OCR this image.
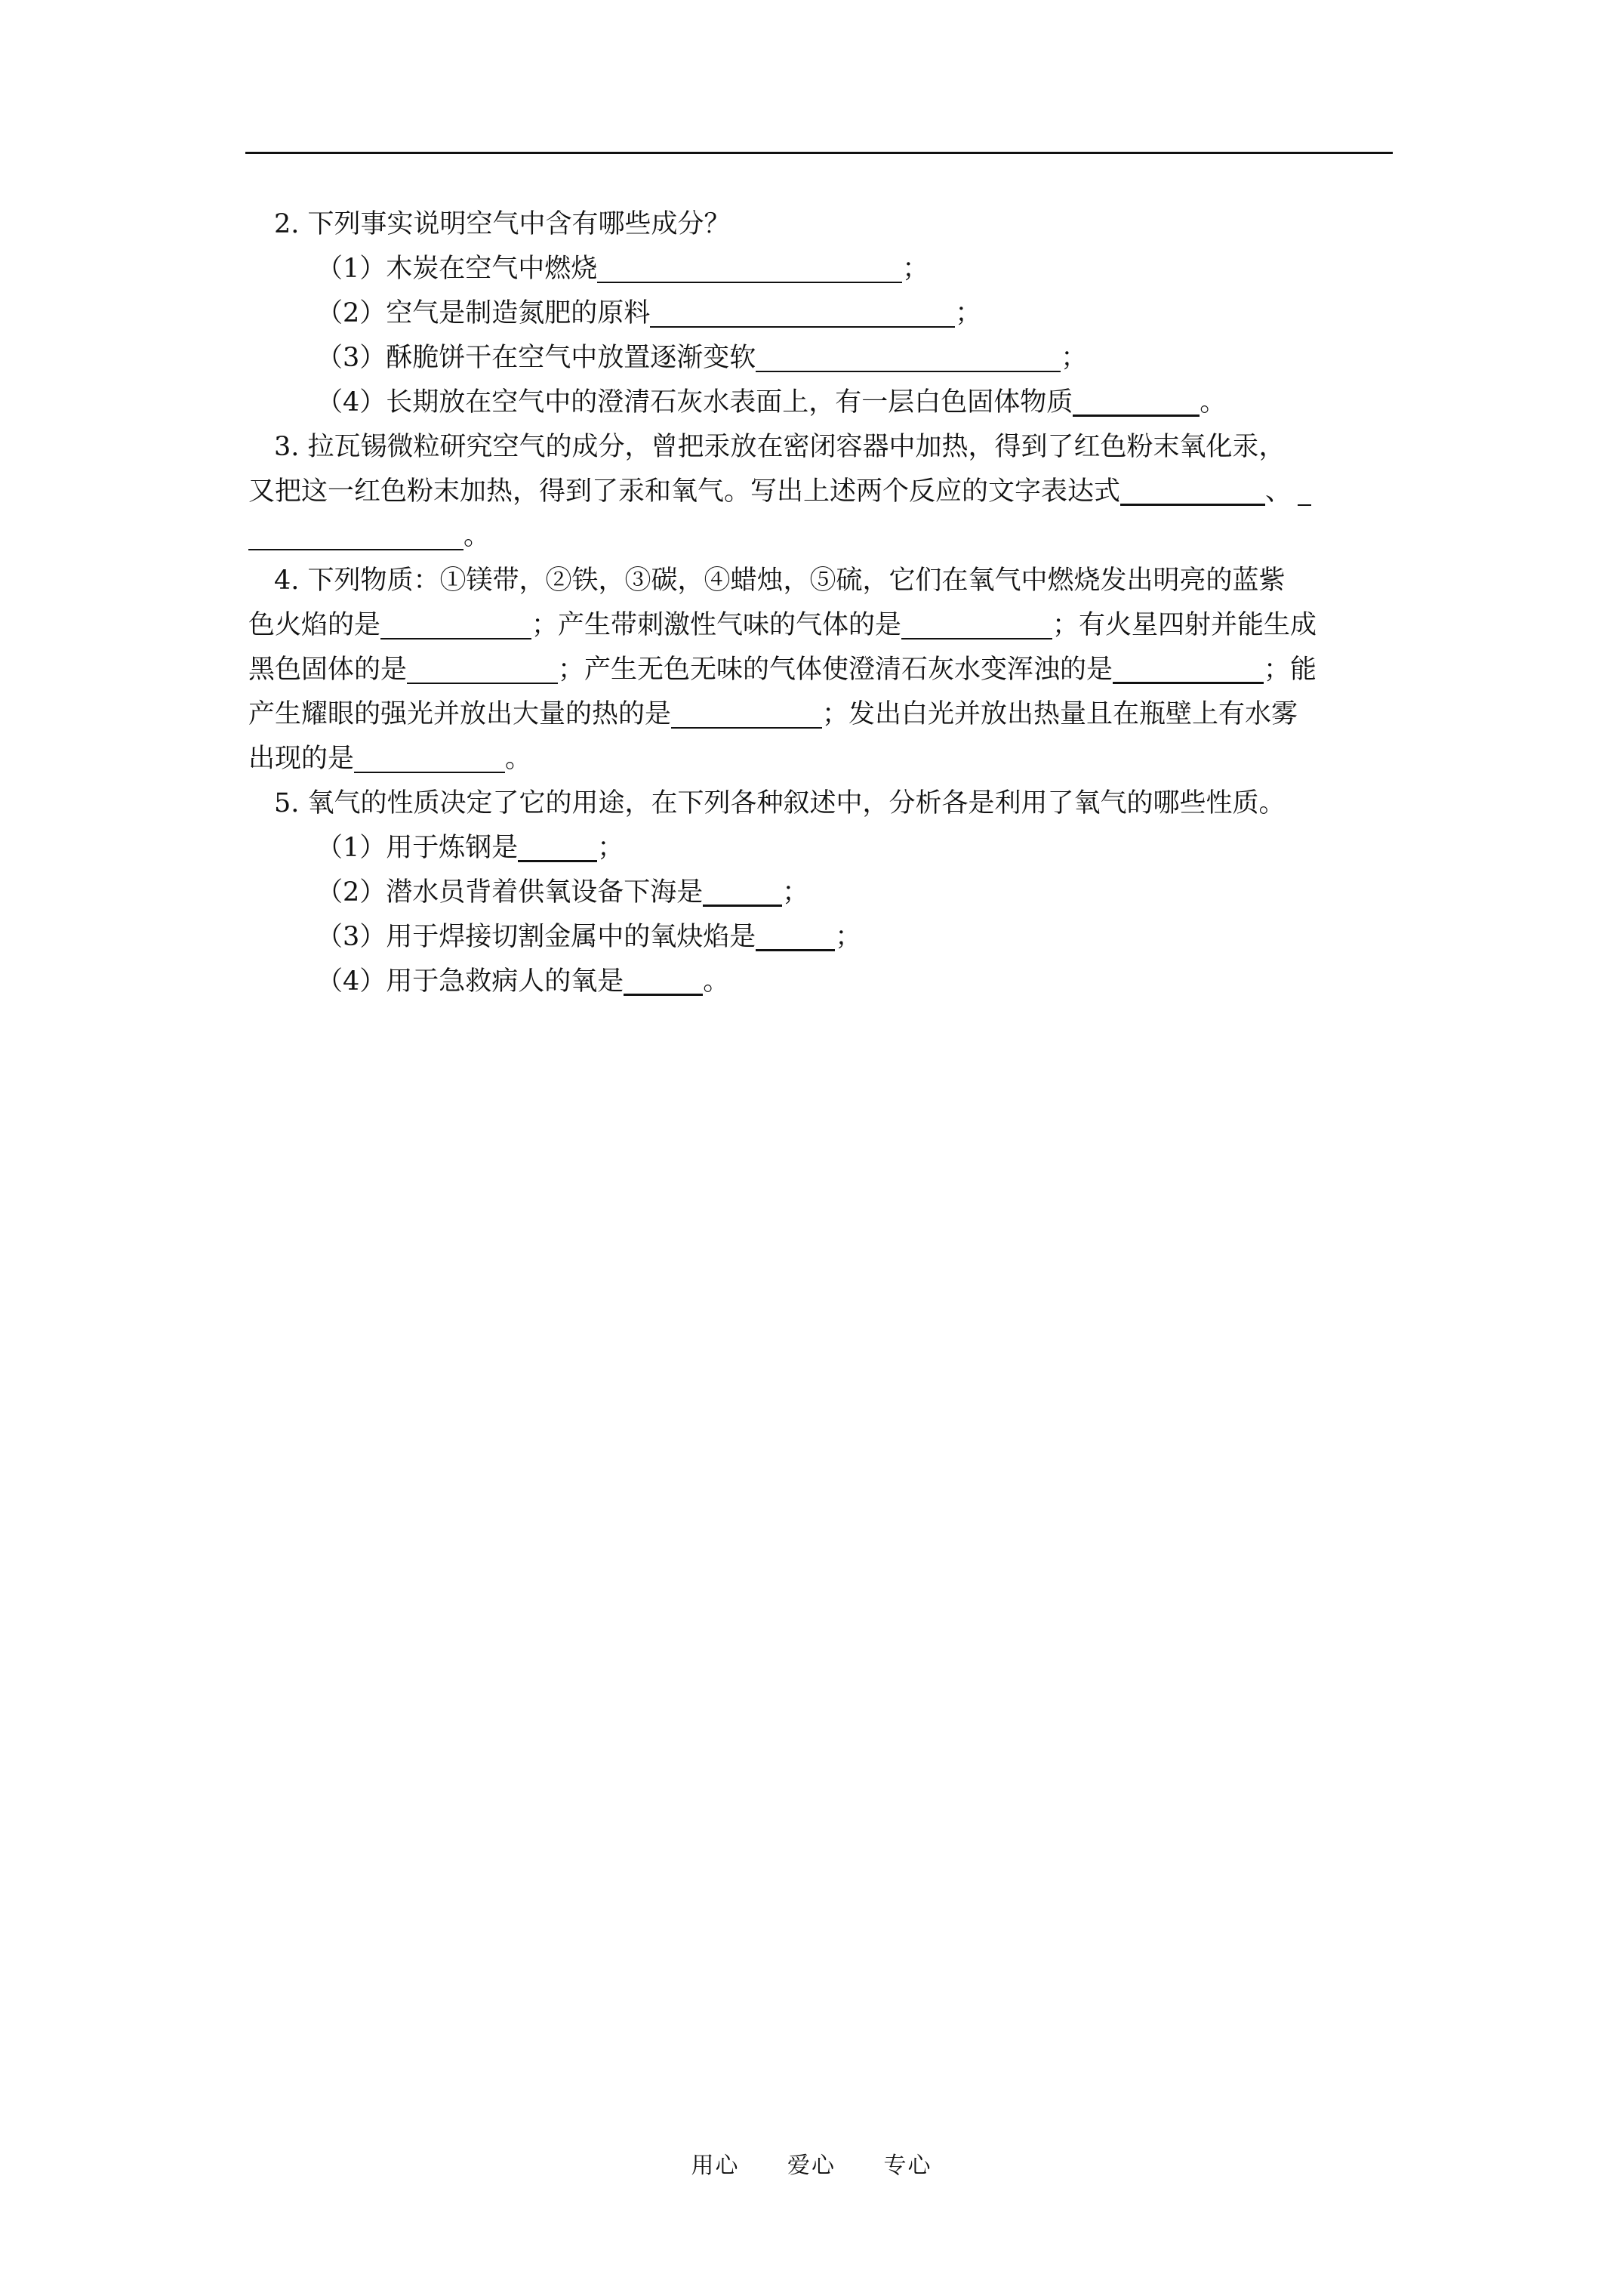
2. 下列事实说明空气中含有哪些成分？
（1）木炭在空气中燃烧	；
（2）空气是制造氮肥的原料	；
（3）酥脆饼干在空气中放置逐渐变软	；
（4）长期放在空气中的澄清石灰水表面上，有一层白色固体物质	。
3. 拉瓦锡微粒研究空气的成分，曾把汞放在密闭容器中加热，得到了红色粉末氧化汞，
又把这一红色粉末加热，得到了汞和氧气。写出上述两个反应的文字表达式	、
。
4. 下列物质：①镁带，②铁，③碳，④蜡烛，⑤硫，它们在氧气中燃烧发出明亮的蓝紫
色火焰的是	；产生带刺激性气味的气体的是	；有火星四射并能生成
黑色固体的是	；产生无色无味的气体使澄清石灰水变浑浊的是	；能
产生耀眼的强光并放出大量的热的是	；发出白光并放出热量且在瓶壁上有水雾
出现的是	。
5. 氧气的性质决定了它的用途，在下列各种叙述中，分析各是利用了氧气的哪些性质。
（1）用于炼钢是	；
（2）潜水员背着供氧设备下海是	；
（3）用于焊接切割金属中的氧炔焰是	；
（4）用于急救病人的氧是	。
用心 爱心 专心
